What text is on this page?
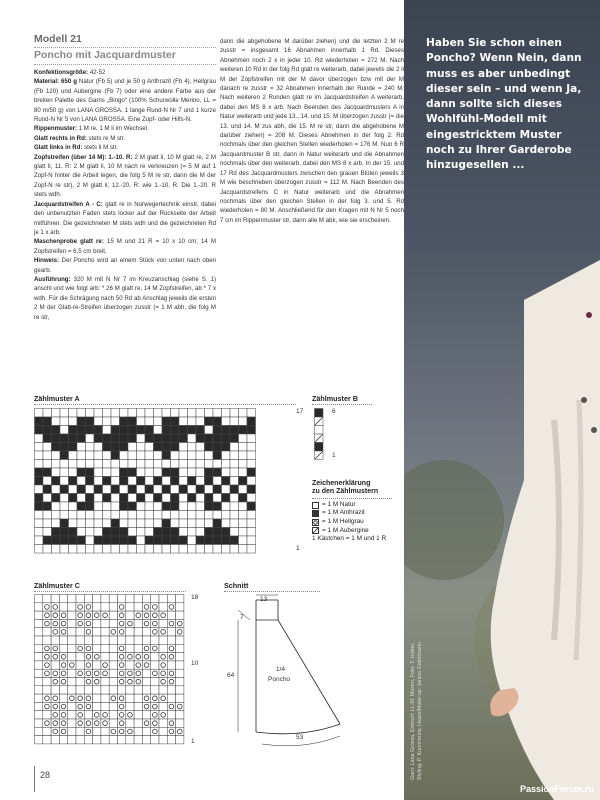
Modell 21
Poncho mit Jacquardmuster

Konfektionsgröße: 42-52

Material: 650 g Natur (Fb 5) und je 50 g Anthrazit (Fb 4), Hellgrau (Fb 120) und Aubergine (Fb 7) oder eine andere Farbe aus der breiten Palette des Garns „Bingo“ (100% Schurwolle Merino, LL = 80 m/50 g) von LANA GROSSA. 1 lange Rund-N Nr 7 und 1 kurze Rund-N Nr 5 von LANA GROSSA. Eine Zopf- oder Hilfs-N.

Rippenmuster: 1 M re, 1 M li im Wechsel.

Glatt rechts in Rd: stets re M str.

Glatt links in Rd: stets li M str.

Zopfstreifen (über 14 M): 1.-10. R: 2 M glatt li, 10 M glatt re, 2 M glatt li; 11. R: 2 M glatt li, 10 M nach re verkreuzen (= 5 M auf 1 Zopf-N hinter die Arbeit legen, die folg 5 M re str, dann die M der Zopf-N re str), 2 M glatt li; 12.-20. R: wie 1.-10. R. Die 1.-20. R stets wdh.

Jacquardstreifen A - C: glatt re in Norwegertechnik einstr, dabei den unbenutzten Faden stets locker auf der Rückseite der Arbeit mitführen. Die gezeichneten M stets wdh und die gezeichneten Rd je 1 x arb.

Maschenprobe glatt re: 15 M und 21 R = 10 x 10 cm; 14 M Zopfstreifen = 6,5 cm breit.

Hinweis: Der Poncho wird an einem Stück von unten nach oben gearb.

Ausführung: 320 M mit N Nr 7 im Kreuzanschlag (siehe S. 1) anschl und wie folgt arb: * 26 M glatt re, 14 M Zopfstreifen, ab * 7 x wdh. Für die Schrägung nach 50 Rd ab Anschlag jeweils die ersten 2 M der Glatt-re-Streifen überzogen zusstr (= 1 M abh, die folg M re str,

dann die abgehobene M darüber ziehen) und die letzten 2 M re zusstr = insgesamt 16 Abnahmen innerhalb 1 Rd. Dieses Abnehmen noch 2 x in jeder 10. Rd wiederholen = 272 M. Nach weiteren 10 Rd in der folg Rd glatt re weiterarb, dabei jeweils die 2 li M der Zopfstreifen mit der M davor überzogen bzw mit der M danach re zusstr = 32 Abnahmen innerhalb der Runde = 240 M. Nach weiteren 2 Runden glatt re im Jacquardstreifen A weiterarb, dabei den MS 8 x arb. Nach Beenden des Jacquardmusters A in Natur weiterarb und jede 13., 14. und 15. M überzogen zusstr (= die 13. und 14. M zus abh, die 15. M re str, dann die abgehobene M darüber ziehen) = 208 M. Dieses Abnehmen in der folg 2. Rd nochmals über den gleichen Stellen wiederholen = 176 M. Nun 6 R Jacquardmuster B str, dann in Natur weiterarb und die Abnahmen nochmals über den weiterarb. dabei den MS 8 x arb. In der 15. und 17 Rd des Jacquardmusters zwischen den grauen Blüten jeweils 3 M wie beschrieben überzogen zusstr = 112 M. Nach Beenden des Jacquardstreifens C in Natur weiterarb und die Abnahmen nochmals über den gleichen Stellen in der folg 3. und 5. Rd wiederholen = 80 M. Anschließend für den Kragen mit N Nr 5 noch 7 cm im Rippenmuster str, dann alle M abk, wie sie erscheinen.

Haben Sie schon einen Poncho? Wenn Nein, dann muss es aber unbedingt dieser sein – und wenn Ja, dann sollte sich dieses Wohlfühl-Modell mit eingestricktem Muster noch zu Ihrer Garderobe hinzugesellen ...
PassionForum.ru
Garn: Lana Grossa, Entwurf: LL-M. Moxen, Foto: T. Huber, Styling: P. Kummerow, Haare/Make-up: Janina Gäbelmann
Zählmuster A
17
1
Zählmuster B
6
1
Zeichenerklärung
zu den Zählmustern
= 1 M Natur
= 1 M Anthrazit
= 1 M Hellgrau
= 1 M Aubergine
1 Kästchen = 1 M und 1 R
Zählmuster C
18
10
1
Schnitt
13
7
64
53
1/4
Poncho
28
